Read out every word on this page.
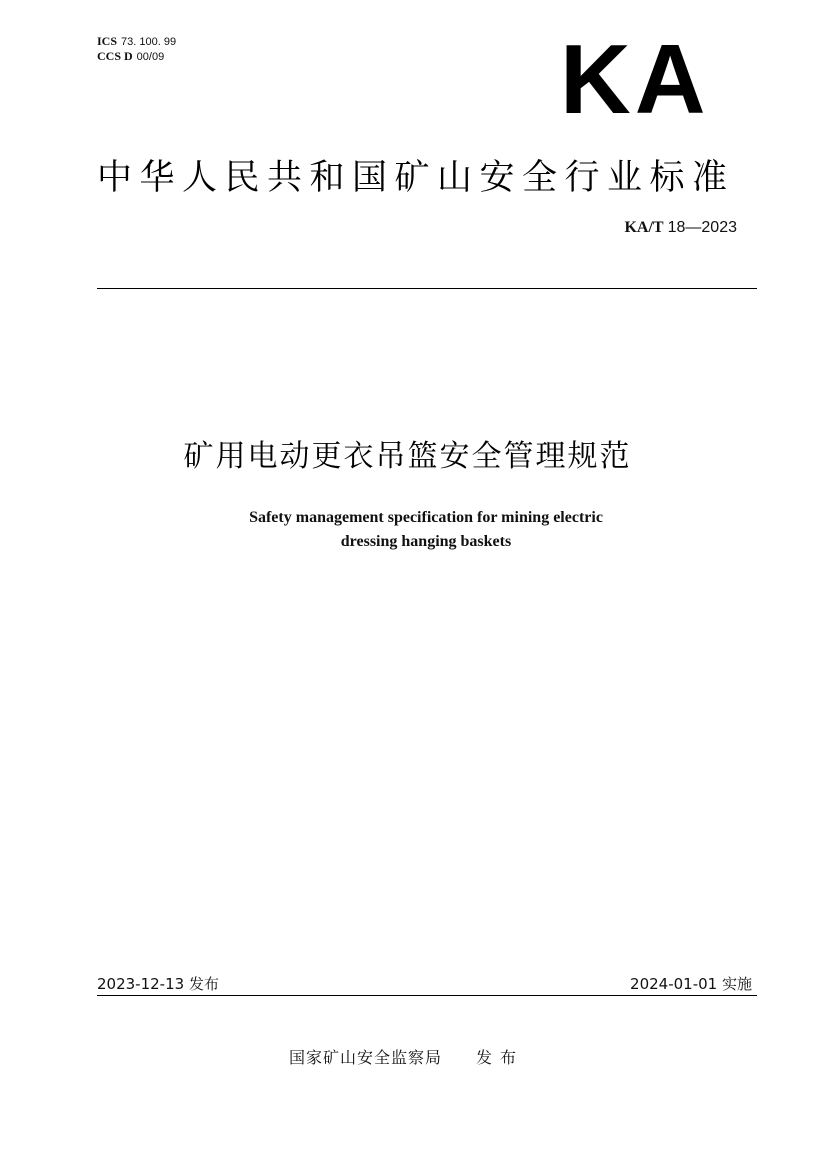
ICS 73. 100. 99
CCS D 00/09	KA
中华人民共和国矿山安全行业标准
KA/T 18—2023
矿用电动更衣吊篮安全管理规范
Safety management specification for mining electric
dressing hanging baskets
2023-12-13 发布	2024-01-01 实施
国家矿山安全监察局 发布
